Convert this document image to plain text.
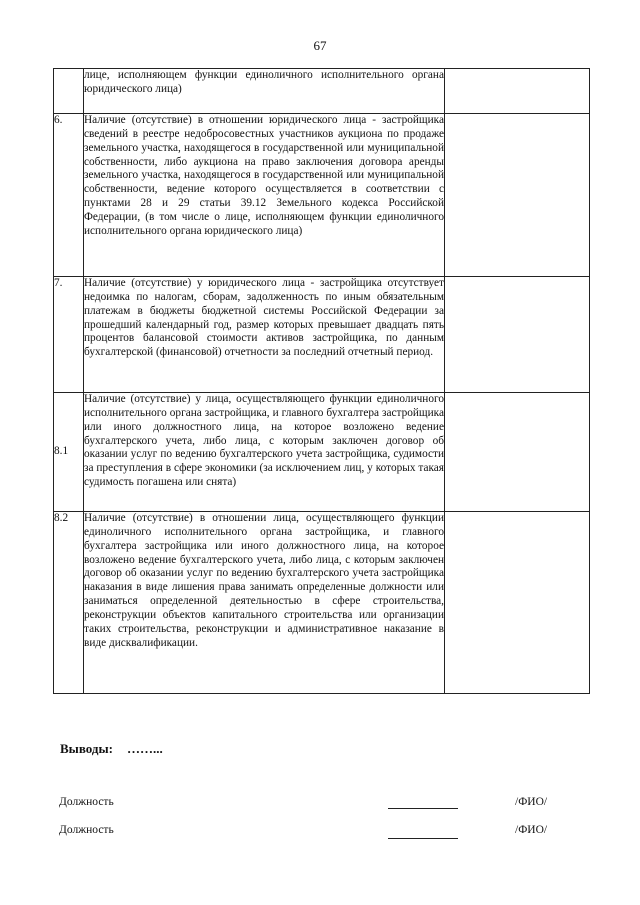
67
	лице, исполняющем функции единоличного исполнительного органа юридического лица)	
6.	Наличие (отсутствие) в отношении юридического лица - застройщика сведений в реестре недобросовестных участников аукциона по продаже земельного участка, находящегося в государственной или муниципальной собственности, либо аукциона на право заключения договора аренды земельного участка, находящегося в государственной или муниципальной собственности, ведение которого осуществляется в соответствии с пунктами 28 и 29 статьи 39.12 Земельного кодекса Российской Федерации, (в том числе о лице, исполняющем функции единоличного исполнительного органа юридического лица)	
7.	Наличие (отсутствие) у юридического лица - застройщика отсутствует недоимка по налогам, сборам, задолженность по иным обязательным платежам в бюджеты бюджетной системы Российской Федерации за прошедший календарный год, размер которых превышает двадцать пять процентов балансовой стоимости активов застройщика, по данным бухгалтерской (финансовой) отчетности за последний отчетный период.	
8.1	Наличие (отсутствие) у лица, осуществляющего функции единоличного исполнительного органа застройщика, и главного бухгалтера застройщика или иного должностного лица, на которое возложено ведение бухгалтерского учета, либо лица, с которым заключен договор об оказании услуг по ведению бухгалтерского учета застройщика, судимости за преступления в сфере экономики (за исключением лиц, у которых такая судимость погашена или снята)	
8.2	Наличие (отсутствие) в отношении лица, осуществляющего функции единоличного исполнительного органа застройщика, и главного бухгалтера застройщика или иного должностного лица, на которое возложено ведение бухгалтерского учета, либо лица, с которым заключен договор об оказании услуг по ведению бухгалтерского учета застройщика наказания в виде лишения права занимать определенные должности или заниматься определенной деятельностью в сфере строительства, реконструкции объектов капитального строительства или организации таких строительства, реконструкции и административное наказание в виде дисквалификации.	
Выводы: ……...
Должность	/ФИО/
Должность	/ФИО/
